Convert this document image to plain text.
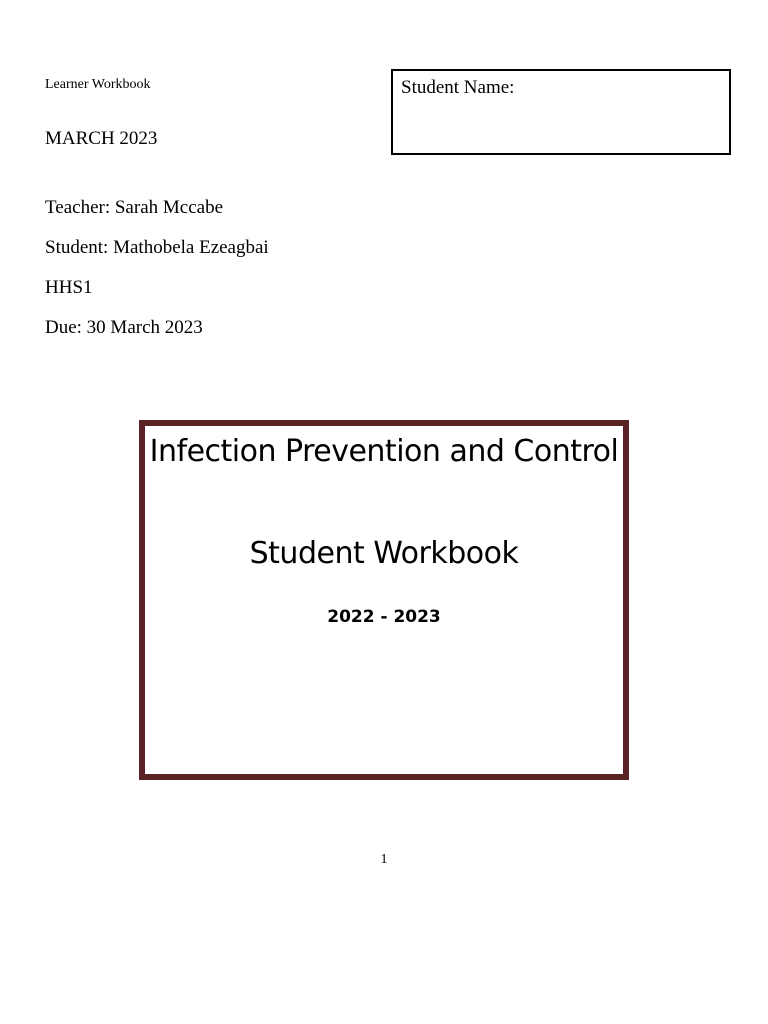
Learner Workbook
MARCH 2023
Student Name:
Teacher: Sarah Mccabe
Student: Mathobela Ezeagbai
HHS1
Due: 30 March 2023
Infection Prevention and Control
Student Workbook
2022 - 2023
1
